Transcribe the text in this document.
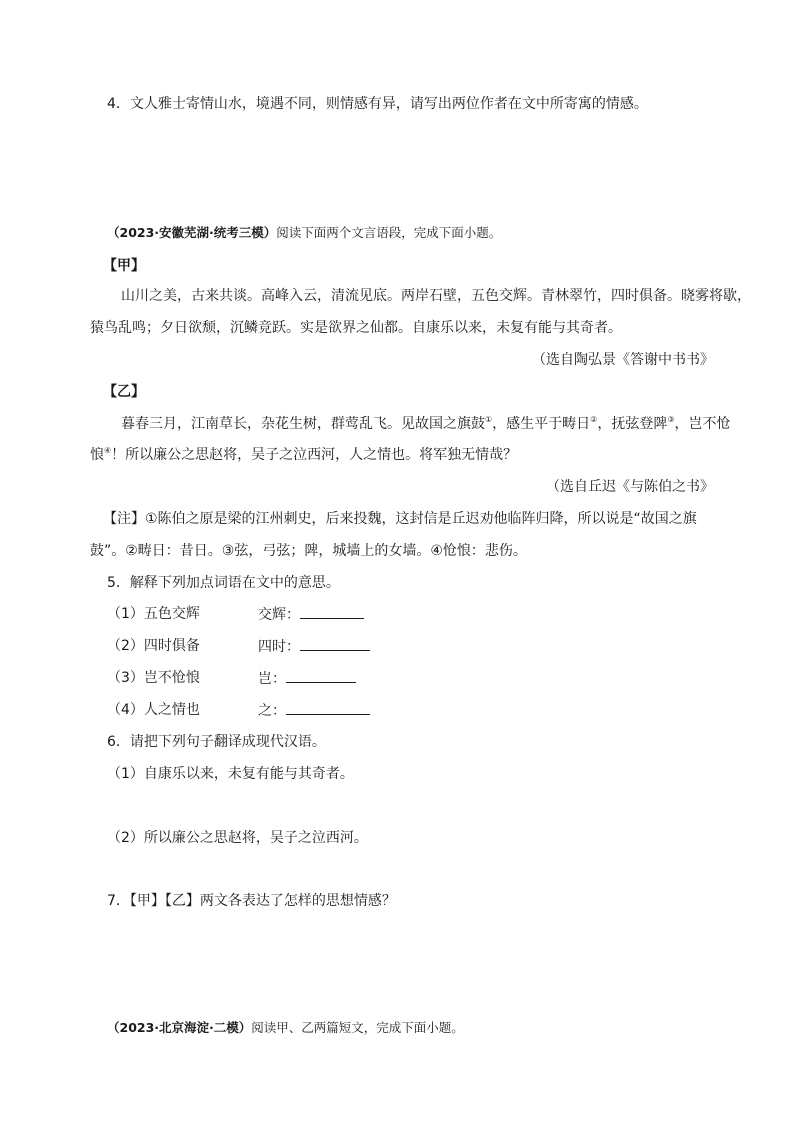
4．文人雅士寄情山水，境遇不同，则情感有异，请写出两位作者在文中所寄寓的情感。
（2023·安徽芜湖·统考三模）阅读下面两个文言语段，完成下面小题。
【甲】
山川之美，古来共谈。高峰入云，清流见底。两岸石壁，五色交辉。青林翠竹，四时俱备。晓雾将歇，
猿鸟乱鸣；夕日欲颓，沉鳞竞跃。实是欲界之仙都。自康乐以来，未复有能与其奇者。
（选自陶弘景《答谢中书书》
【乙】
暮春三月，江南草长，杂花生树，群莺乱飞。见故国之旗鼓①，感生平于畴日②，抚弦登陴③，岂不怆
悢④！所以廉公之思赵将，吴子之泣西河，人之情也。将军独无情哉？
（选自丘迟《与陈伯之书》
【注】①陈伯之原是梁的江州刺史，后来投魏，这封信是丘迟劝他临阵归降，所以说是“故国之旗
鼓”。②畴日：昔日。③弦，弓弦；陴，城墙上的女墙。④怆悢：悲伤。
5．解释下列加点词语在文中的意思。
（1）五色交辉	交辉：
（2）四时俱备	四时：
（3）岂不怆悢	岂：
（4）人之情也	之：
6．请把下列句子翻译成现代汉语。
（1）自康乐以来，未复有能与其奇者。
（2）所以廉公之思赵将，吴子之泣西河。
7．【甲】【乙】两文各表达了怎样的思想情感？
（2023·北京海淀·二模）阅读甲、乙两篇短文，完成下面小题。
